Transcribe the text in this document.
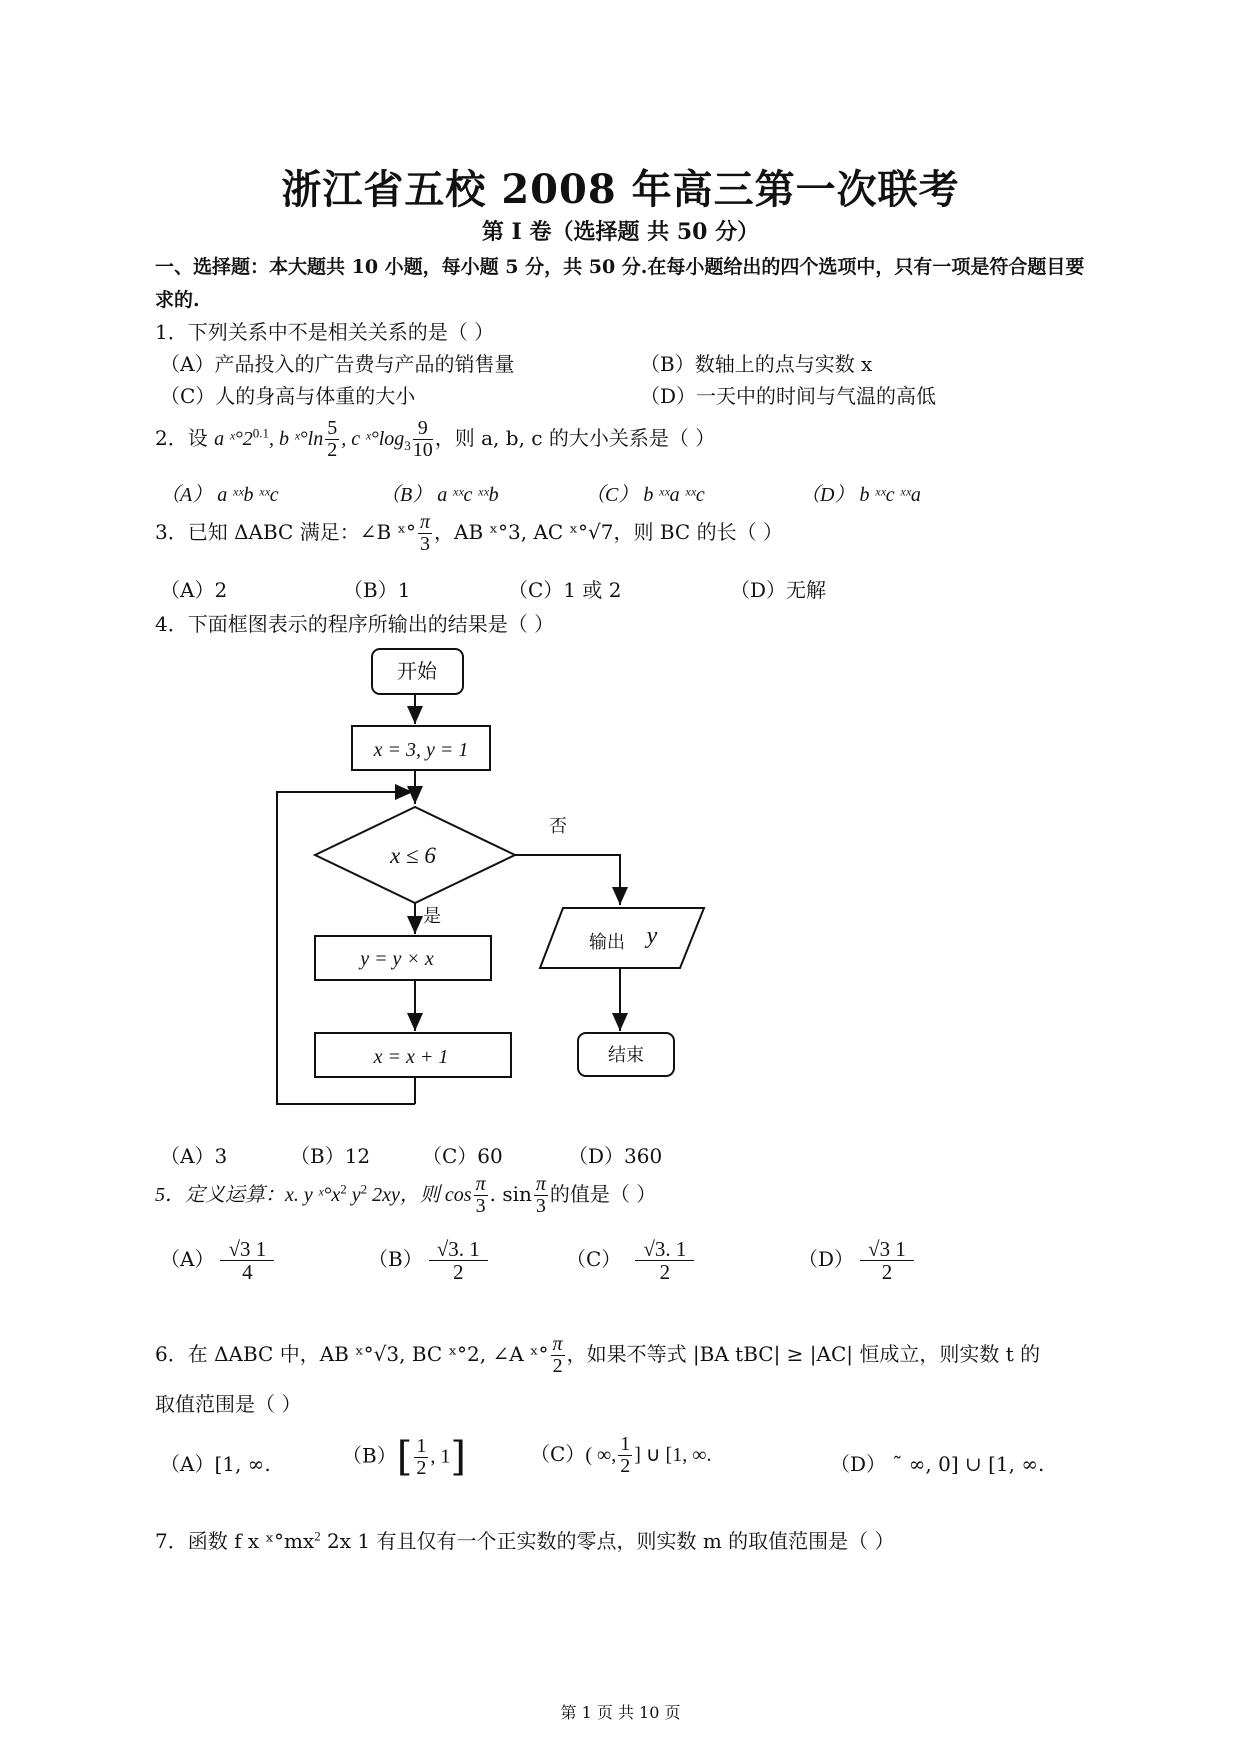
浙江省五校 2008 年高三第一次联考
第 I 卷（选择题 共 50 分）
一、选择题：本大题共 10 小题，每小题 5 分，共 50 分.在每小题给出的四个选项中，只有一项是符合题目要求的.
1．下列关系中不是相关关系的是（ ）
（A）产品投入的广告费与产品的销售量	（B）数轴上的点与实数 x
（C）人的身高与体重的大小	（D）一天中的时间与气温的高低
2．设 a $ˣ^\circ 2^{0.1}$, b ˣ°ln $\frac{5}{2}$ , c $ˣ^\circ\log_3 \frac{9}{10}$ ，则 a, b, c 的大小关系是（ ）
（A） a ˣˣb ˣˣc	（B） a ˣˣc ˣˣb	（C） b ˣˣa ˣˣc	（D） b ˣˣc ˣˣa
3．已知 ΔABC 满足：∠B ˣ° $\frac{\pi}{3}$ ，AB ˣ°3, AC ˣ°√7，则 BC 的长（ ）
（A）2	（B）1	（C）1 或 2	（D）无解
4．下面框图表示的程序所输出的结果是（ ）
开始
x = 3, y = 1
x ≤ 6
否
是
y = y × x
x = x + 1
输出 y
结束
（A）3	（B）12	（C）60	（D）360
5．定义运算：x. y $ˣ^\circ x^2$ $y^2$ 2xy，则 $\cos \frac{\pi}{3}$ . $\sin \frac{\pi}{3}$ 的值是（ ）
$(A) \frac{√3 1}{4}$	$(B) \frac{√3. 1}{2}$	$(C) \frac{√3. 1}{2}$	$(D) \frac{√3 1}{2}$
6．在 ΔABC 中，AB ˣ°√3, BC ˣ°2, ∠A ˣ° $\frac{\pi}{2}$ ，如果不等式 |BA tBC| ≥ |AC| 恒成立，则实数 t 的
取值范围是（ ）
（A）[1, ∞.	$(B)[ \frac{1}{2}$ , 1]	（C）( ∞, $\frac{1}{2}$ ] ∪ [1, ∞.	（D） ˜ ∞, 0] ∪ [1, ∞.
7．函数 f x $ˣ^\circ mx^2$ 2x 1 有且仅有一个正实数的零点，则实数 m 的取值范围是（ ）
第 1 页 共 10 页
